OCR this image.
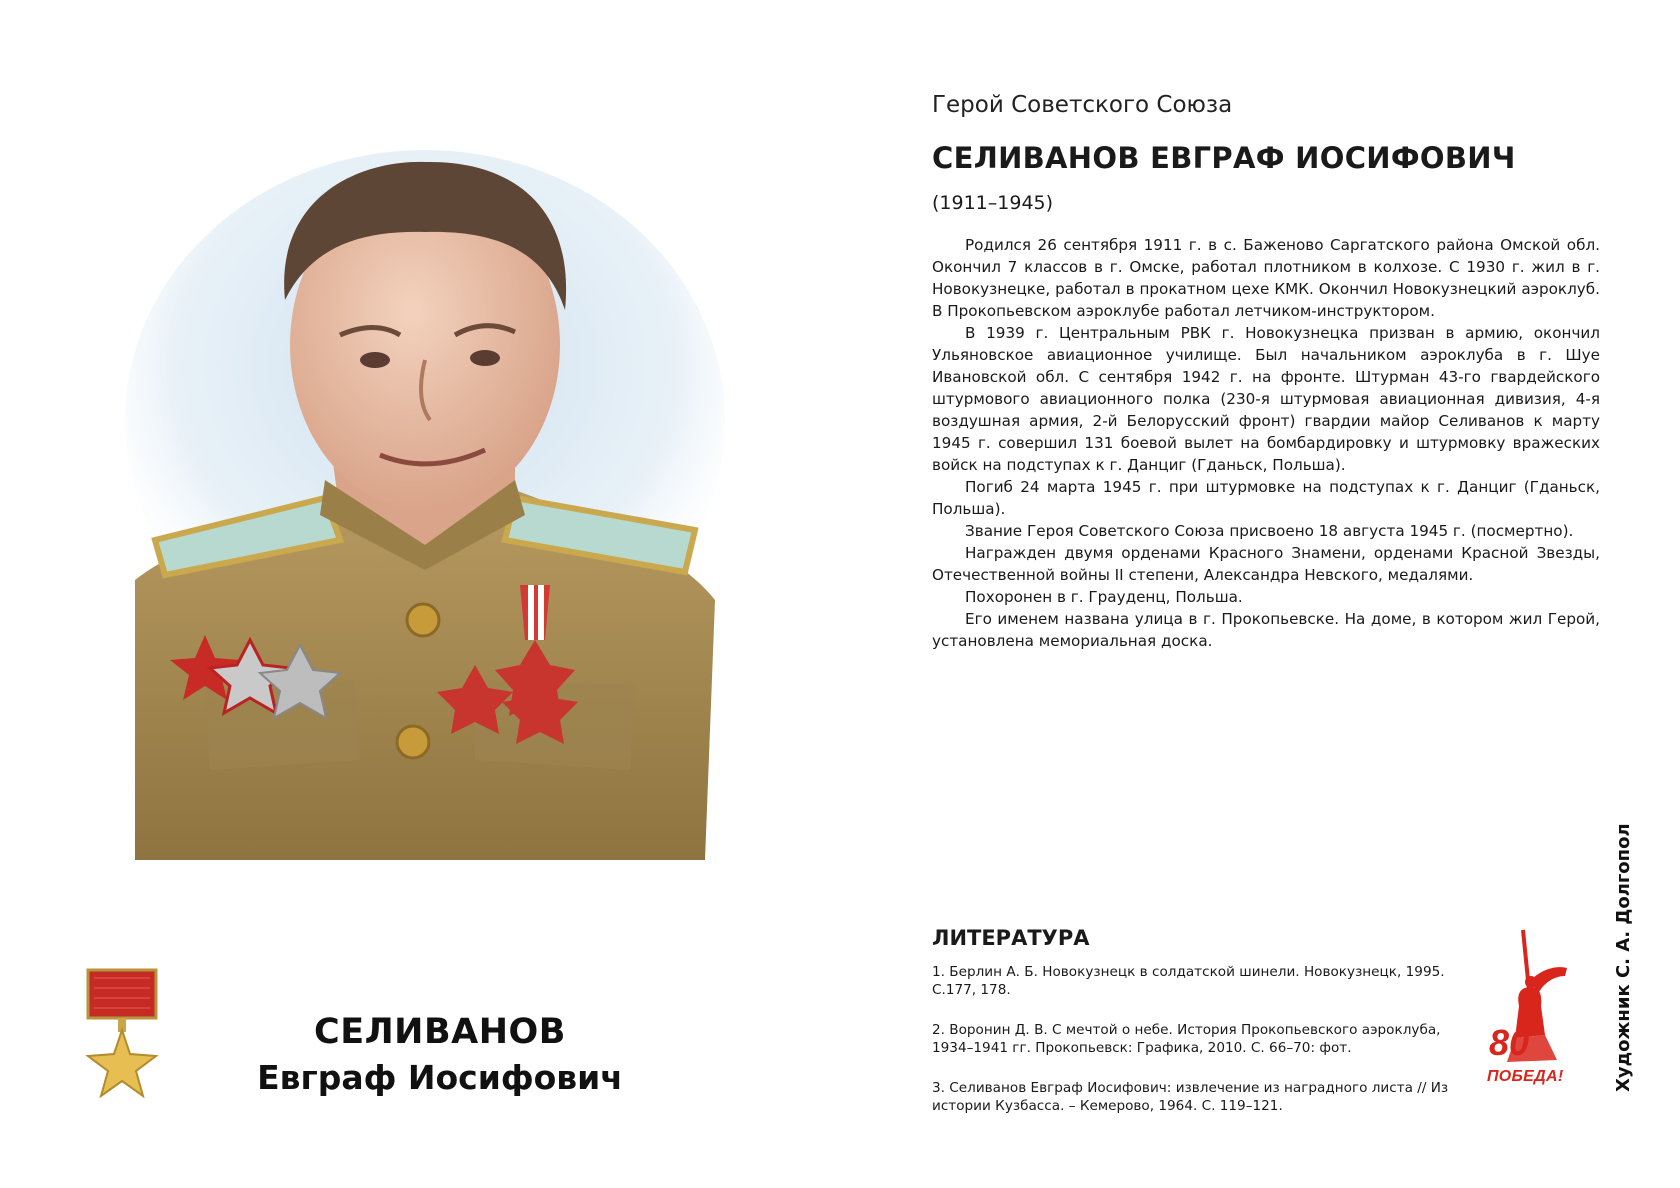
СЕЛИВАНОВ
Евграф Иосифович

Герой Советского Союза

СЕЛИВАНОВ ЕВГРАФ ИОСИФОВИЧ

(1911–1945)

Родился 26 сентября 1911 г. в с. Баженово Саргатского района Омской обл. Окончил 7 классов в г. Омске, работал плотником в колхозе. С 1930 г. жил в г. Новокузнецке, работал в прокатном цехе КМК. Окончил Новокузнецкий аэроклуб. В Прокопьевском аэроклубе работал летчиком-инструктором.

В 1939 г. Центральным РВК г. Новокузнецка призван в армию, окончил Ульяновское авиационное училище. Был начальником аэроклуба в г. Шуе Ивановской обл. С сентября 1942 г. на фронте. Штурман 43-го гвардейского штурмового авиационного полка (230-я штурмовая авиационная дивизия, 4-я воздушная армия, 2-й Белорусский фронт) гвардии майор Селиванов к марту 1945 г. совершил 131 боевой вылет на бомбардировку и штурмовку вражеских войск на подступах к г. Данциг (Гданьск, Польша).

Погиб 24 марта 1945 г. при штурмовке на подступах к г. Данциг (Гданьск, Польша).

Звание Героя Советского Союза присвоено 18 августа 1945 г. (посмертно).

Награжден двумя орденами Красного Знамени, орденами Красной Звезды, Отечественной войны II степени, Александра Невского, медалями.

Похоронен в г. Грауденц, Польша.

Его именем названа улица в г. Прокопьевске. На доме, в котором жил Герой, установлена мемориальная доска.

ЛИТЕРАТУРА
1. Берлин А. Б. Новокузнецк в солдатской шинели. Новокузнецк, 1995. С.177, 178.
2. Воронин Д. В. С мечтой о небе. История Прокопьевского аэроклуба, 1934–1941 гг. Прокопьевск: Графика, 2010. С. 66–70: фот.
3. Селиванов Евграф Иосифович: извлечение из наградного листа // Из истории Кузбасса. – Кемерово, 1964. С. 119–121.
80
ПОБЕДА!	Художник С. А. Долгопол
